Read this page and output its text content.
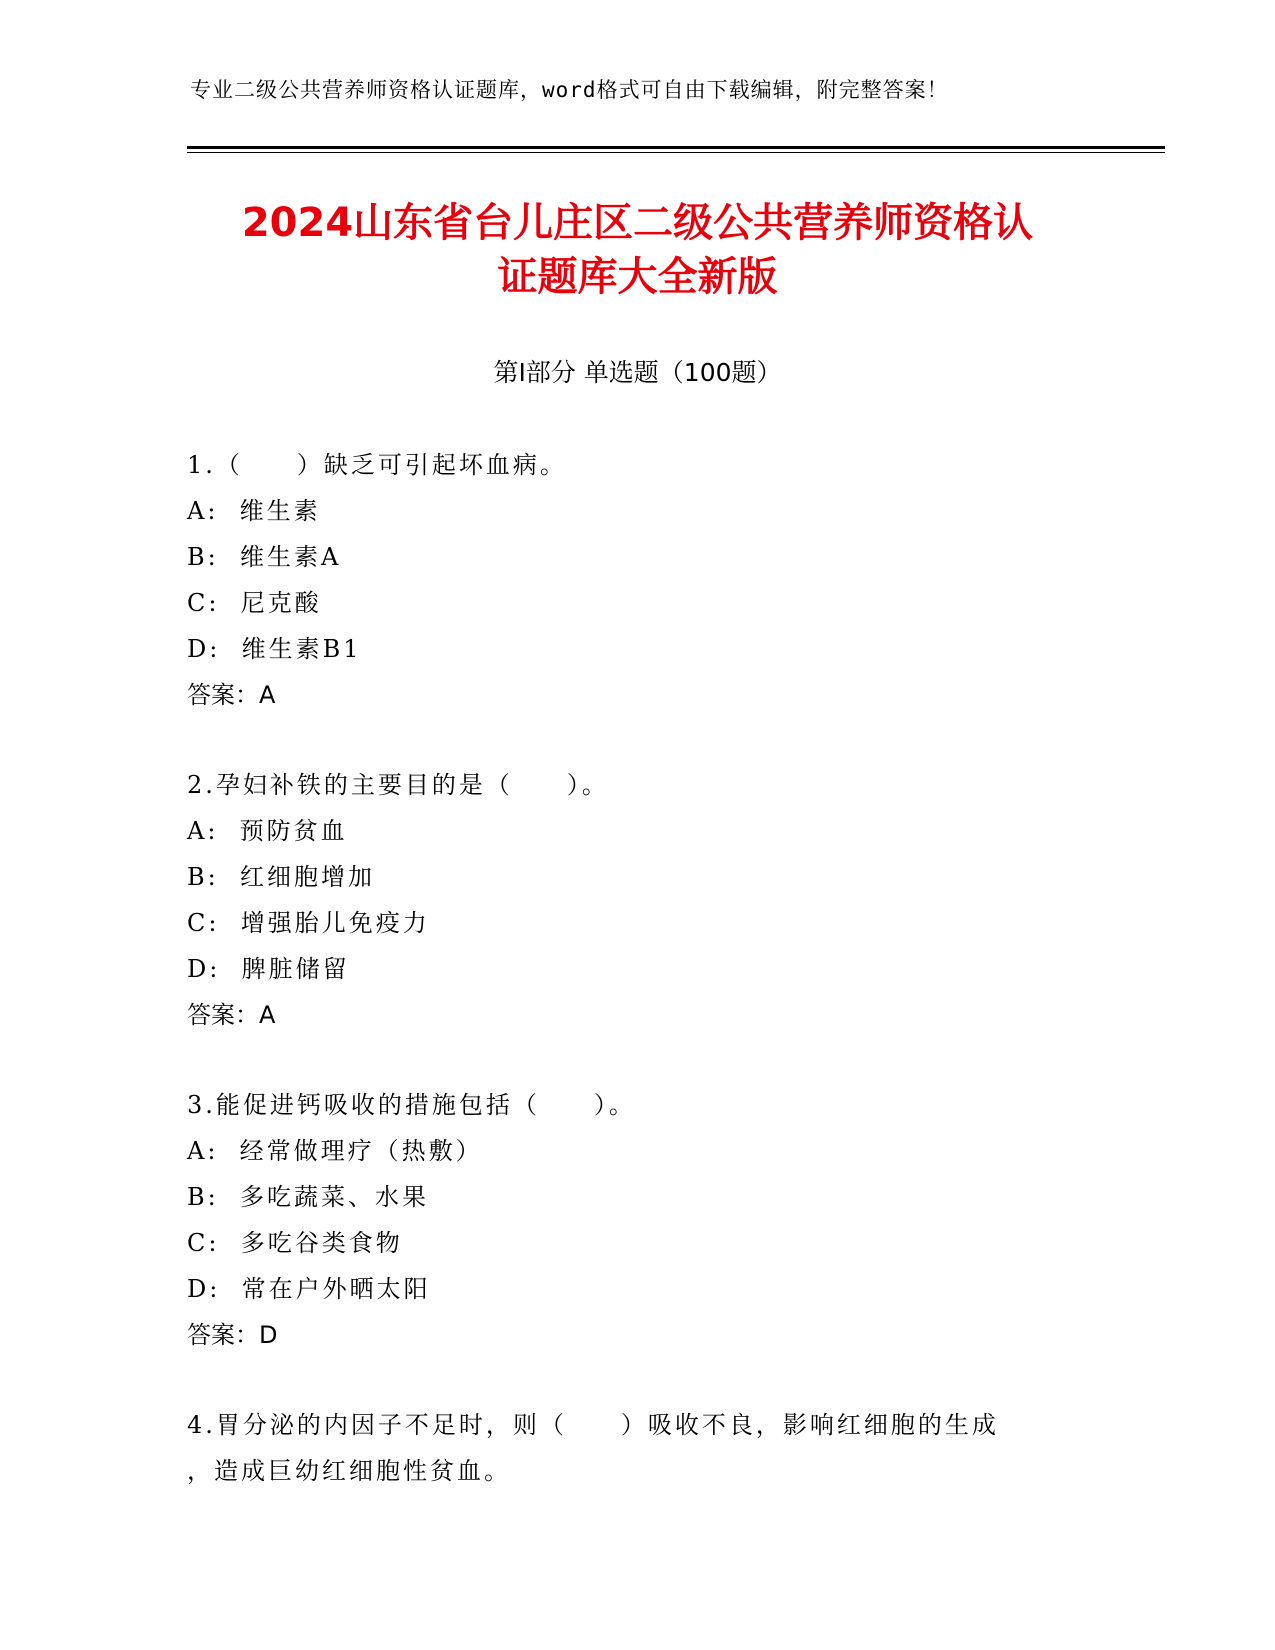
专业二级公共营养师资格认证题库，word格式可自由下载编辑，附完整答案！
2024山东省台儿庄区二级公共营养师资格认
证题库大全新版
第I部分 单选题（100题）
1.（　　）缺乏可引起坏血病。
A:  维生素
B:  维生素A
C:  尼克酸
D:  维生素B1
答案：A
2.孕妇补铁的主要目的是（　　）。
A:  预防贫血
B:  红细胞增加
C:  增强胎儿免疫力
D:  脾脏储留
答案：A
3.能促进钙吸收的措施包括（　　）。
A:  经常做理疗（热敷）
B:  多吃蔬菜、水果
C:  多吃谷类食物
D:  常在户外晒太阳
答案：D
4.胃分泌的内因子不足时，则（　　）吸收不良，影响红细胞的生成
，造成巨幼红细胞性贫血。
